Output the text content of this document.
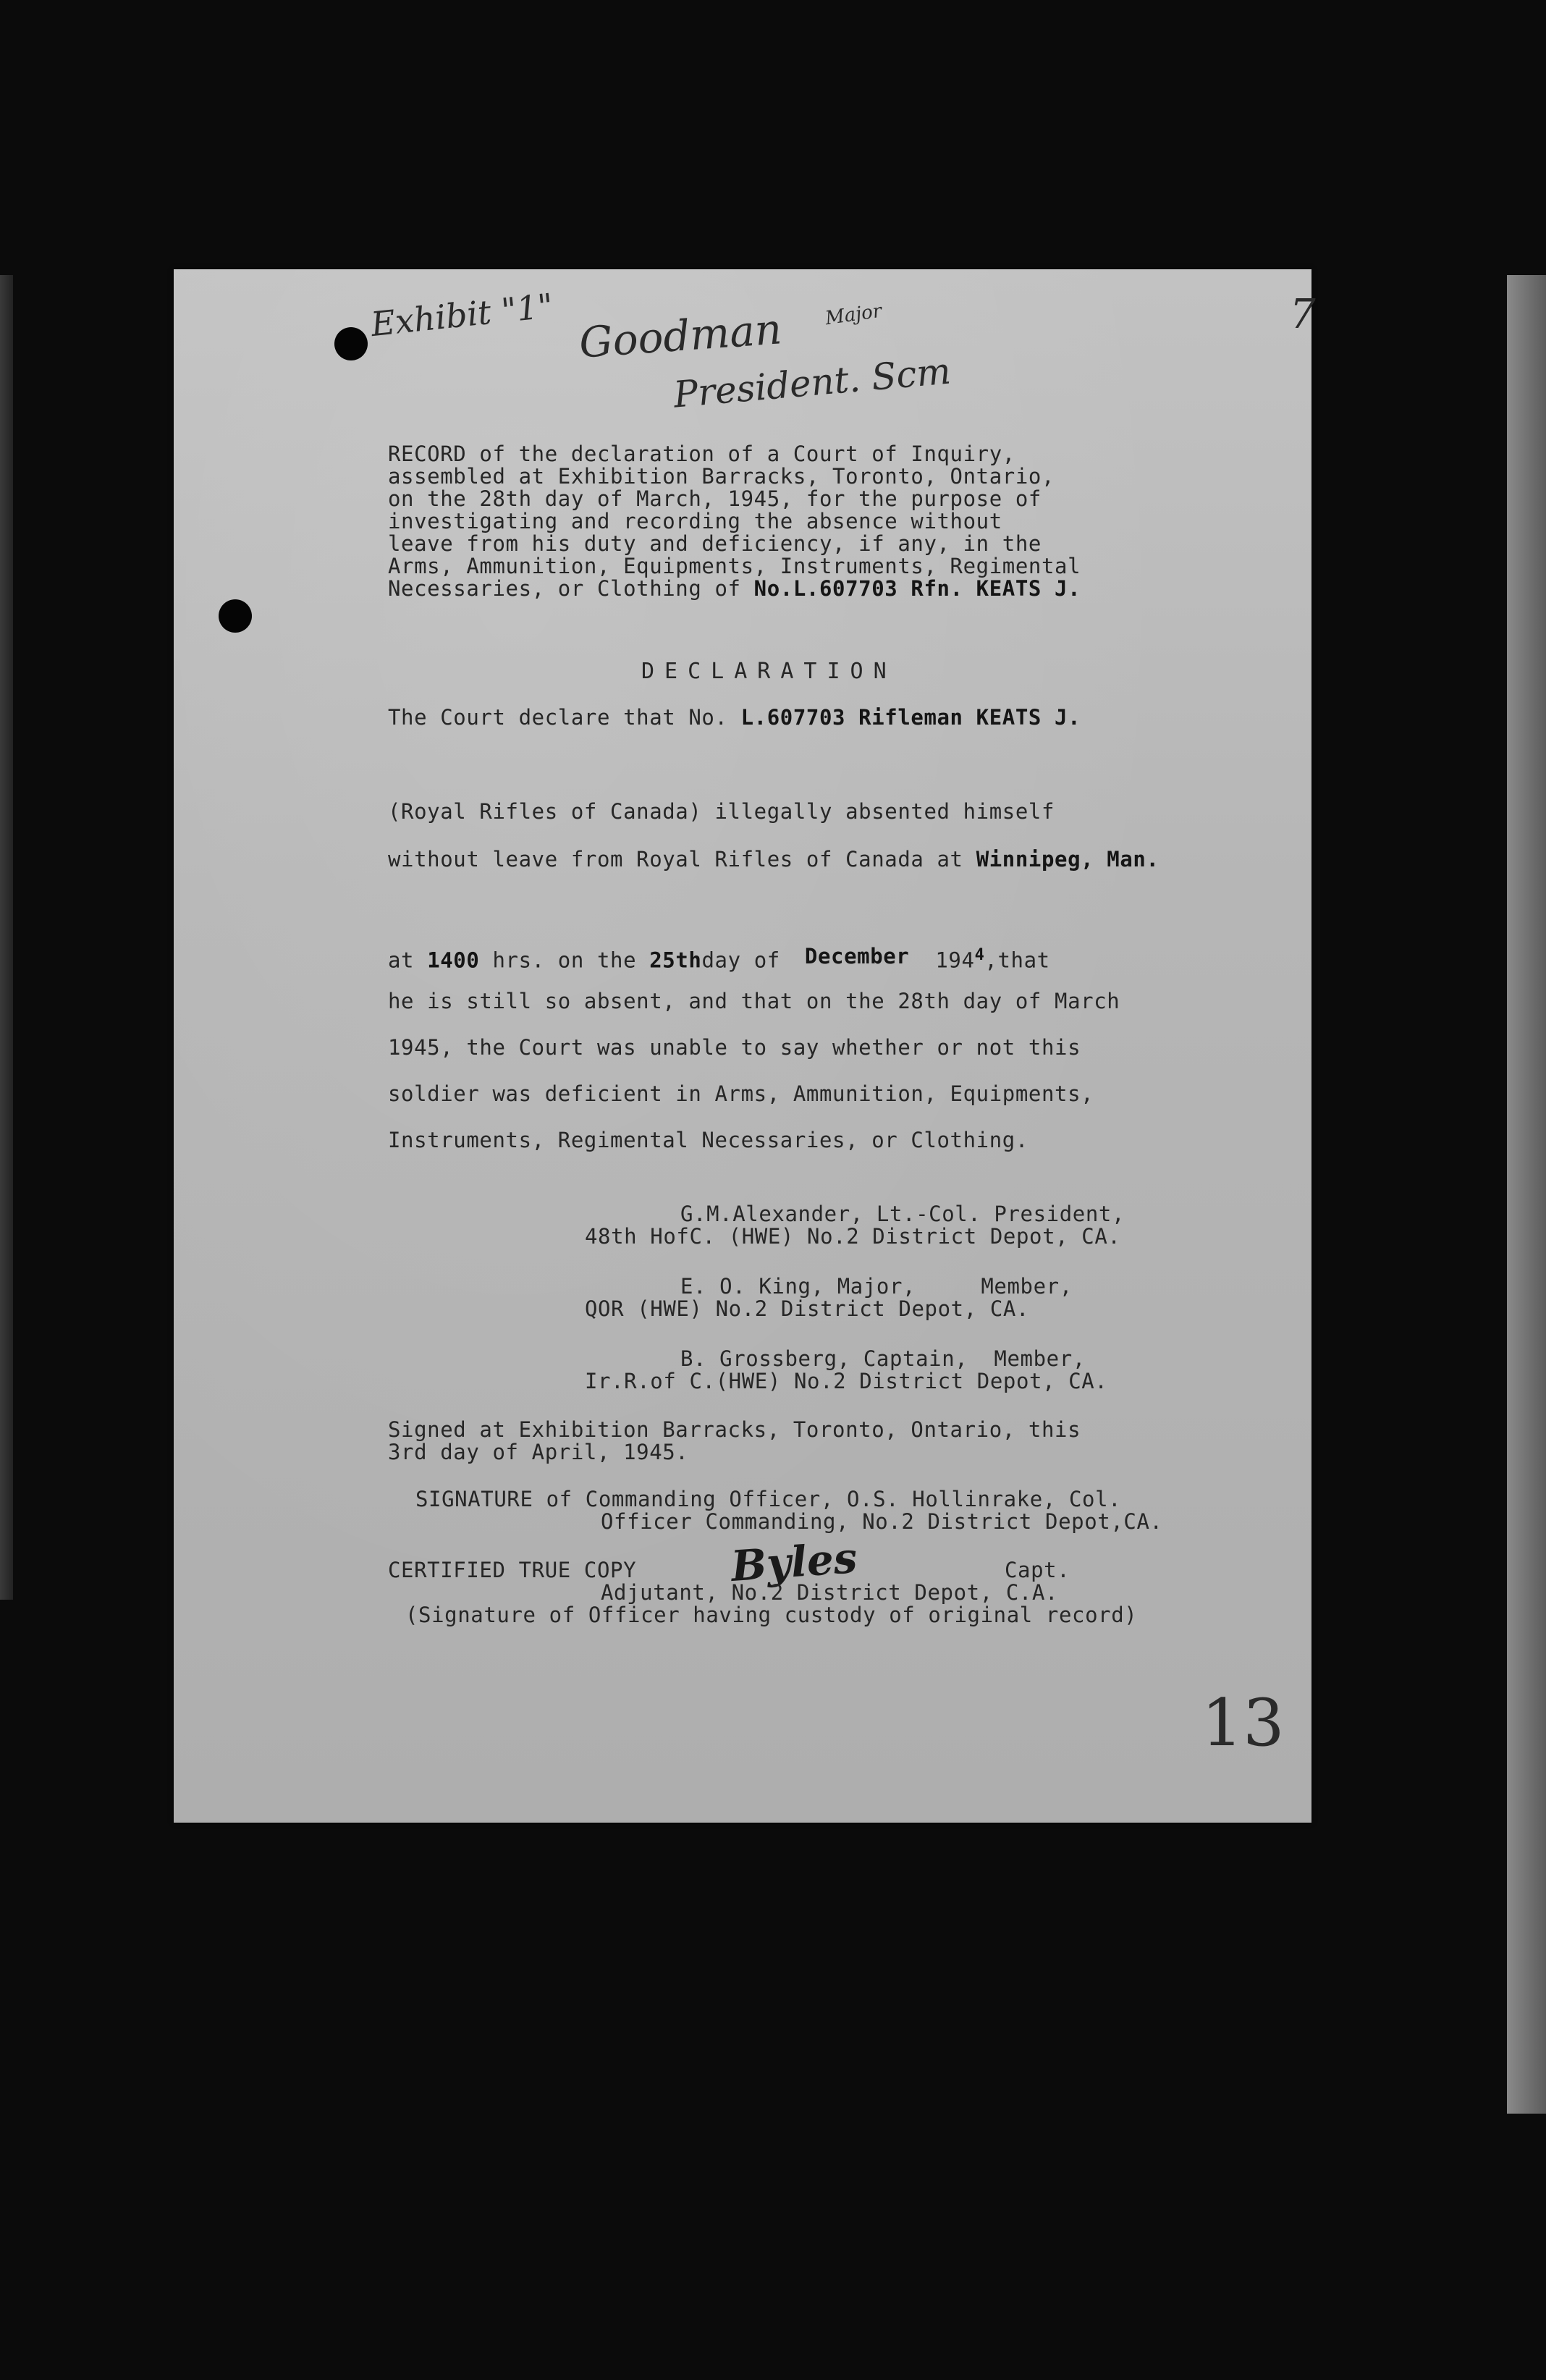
Exhibit "1" Goodman Major
President. Scm
7
13
RECORD of the declaration of a Court of Inquiry,
assembled at Exhibition Barracks, Toronto, Ontario,
on the 28th day of March, 1945, for the purpose of
investigating and recording the absence without
leave from his duty and deficiency, if any, in the
Arms, Ammunition, Equipments, Instruments, Regimental
Necessaries, or Clothing of No.L.607703 Rfn. KEATS J.
DECLARATION
The Court declare that No. L.607703 Rifleman KEATS J.
(Royal Rifles of Canada) illegally absented himself
without leave from Royal Rifles of Canada at Winnipeg, Man.
at 1400 hrs. on the 25thday of December $194^4,that$
he is still so absent, and that on the 28th day of March
1945, the Court was unable to say whether or not this
soldier was deficient in Arms, Ammunition, Equipments,
Instruments, Regimental Necessaries, or Clothing.
G.M.Alexander, Lt.-Col. President,
48th HofC. (HWE) No.2 District Depot, CA.
E. O. King, Major,     Member,
QOR (HWE) No.2 District Depot, CA.
B. Grossberg, Captain,  Member,
Ir.R.of C.(HWE) No.2 District Depot, CA.
Signed at Exhibition Barracks, Toronto, Ontario, this
3rd day of April, 1945.
SIGNATURE of Commanding Officer, O.S. Hollinrake, Col.
Officer Commanding, No.2 District Depot,CA.
CERTIFIED TRUE COPY Byles	Capt.
Adjutant, No.2 District Depot, C.A.
(Signature of Officer having custody of original record)
